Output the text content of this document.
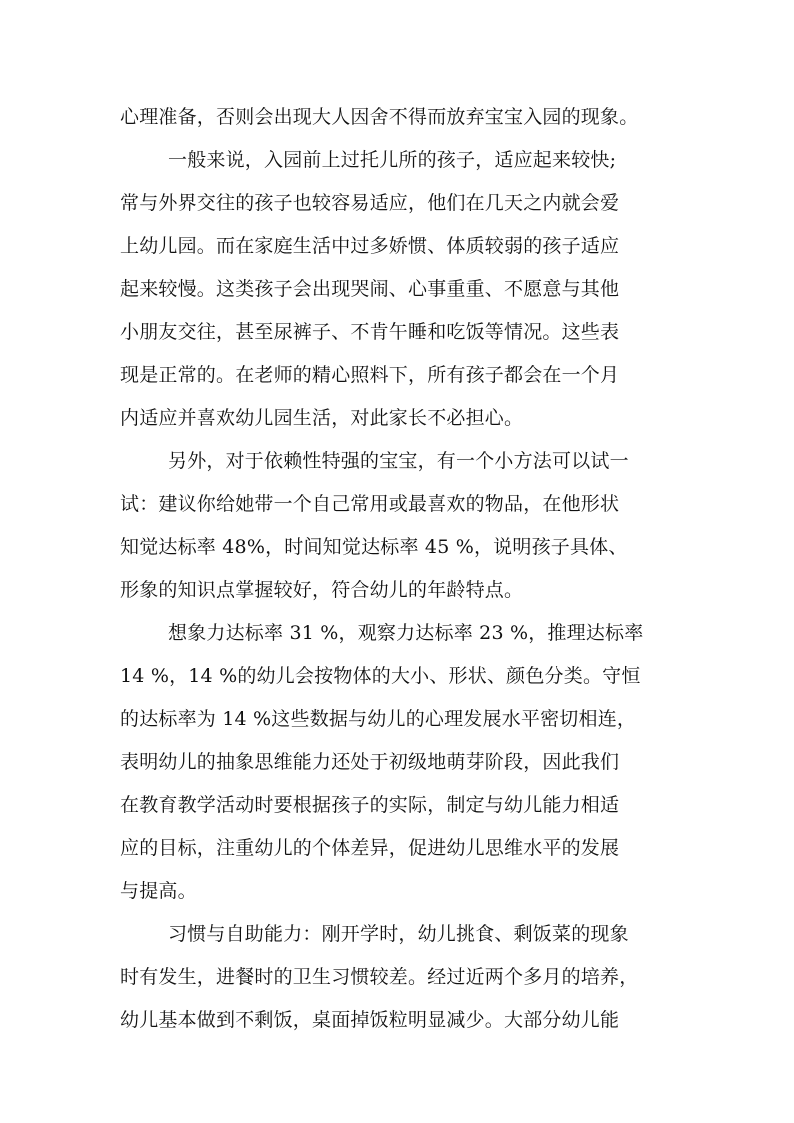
心理准备，否则会出现大人因舍不得而放弃宝宝入园的现象。
一般来说，入园前上过托儿所的孩子，适应起来较快;
常与外界交往的孩子也较容易适应，他们在几天之内就会爱
上幼儿园。而在家庭生活中过多娇惯、体质较弱的孩子适应
起来较慢。这类孩子会出现哭闹、心事重重、不愿意与其他
小朋友交往，甚至尿裤子、不肯午睡和吃饭等情况。这些表
现是正常的。在老师的精心照料下，所有孩子都会在一个月
内适应并喜欢幼儿园生活，对此家长不必担心。
另外，对于依赖性特强的宝宝，有一个小方法可以试一
试：建议你给她带一个自己常用或最喜欢的物品，在他形状
知觉达标率 48%，时间知觉达标率 45 %，说明孩子具体、
形象的知识点掌握较好，符合幼儿的年龄特点。
想象力达标率 31 %，观察力达标率 23 %，推理达标率
14 %，14 %的幼儿会按物体的大小、形状、颜色分类。守恒
的达标率为 14 %这些数据与幼儿的心理发展水平密切相连，
表明幼儿的抽象思维能力还处于初级地萌芽阶段，因此我们
在教育教学活动时要根据孩子的实际，制定与幼儿能力相适
应的目标，注重幼儿的个体差异，促进幼儿思维水平的发展
与提高。
习惯与自助能力：刚开学时，幼儿挑食、剩饭菜的现象
时有发生，进餐时的卫生习惯较差。经过近两个多月的培养，
幼儿基本做到不剩饭，桌面掉饭粒明显减少。大部分幼儿能
